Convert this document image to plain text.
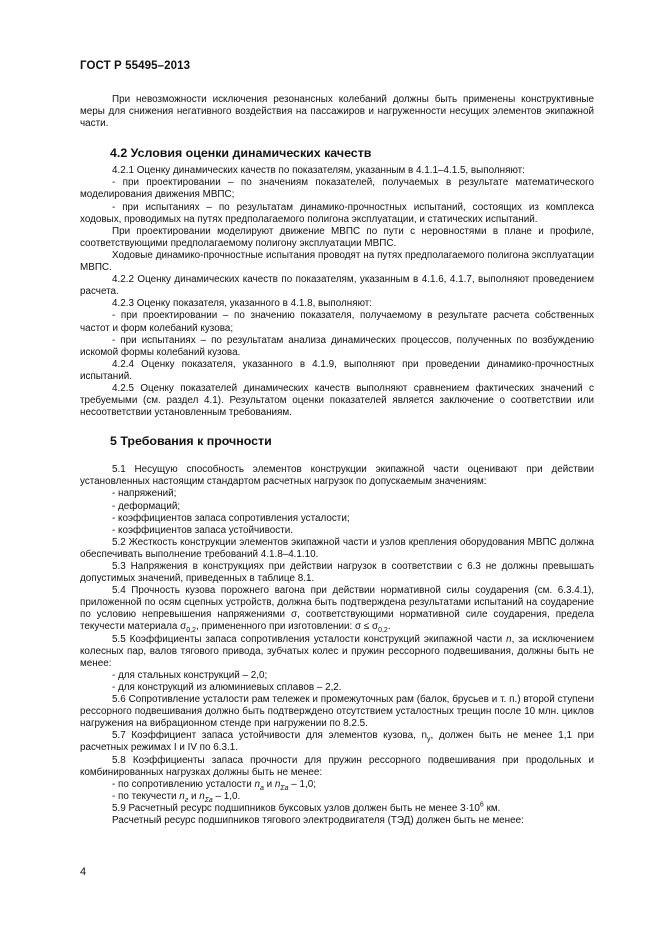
ГОСТ Р 55495–2013

При невозможности исключения резонансных колебаний должны быть применены конструктивные меры для снижения негативного воздействия на пассажиров и нагруженности несущих элементов экипажной части.

4.2 Условия оценки динамических качеств

4.2.1 Оценку динамических качеств по показателям, указанным в 4.1.1–4.1.5, выполняют:

- при проектировании – по значениям показателей, получаемых в результате математического моделирования движения МВПС;

- при испытаниях – по результатам динамико-прочностных испытаний, состоящих из комплекса ходовых, проводимых на путях предполагаемого полигона эксплуатации, и статических испытаний.

При проектировании моделируют движение МВПС по пути с неровностями в плане и профиле, соответствующими предполагаемому полигону эксплуатации МВПС.

Ходовые динамико-прочностные испытания проводят на путях предполагаемого полигона эксплуатации МВПС.

4.2.2 Оценку динамических качеств по показателям, указанным в 4.1.6, 4.1.7, выполняют проведением расчета.

4.2.3 Оценку показателя, указанного в 4.1.8, выполняют:

- при проектировании – по значению показателя, получаемому в результате расчета собственных частот и форм колебаний кузова;

- при испытаниях – по результатам анализа динамических процессов, полученных по возбуждению искомой формы колебаний кузова.

4.2.4 Оценку показателя, указанного в 4.1.9, выполняют при проведении динамико-прочностных испытаний.

4.2.5 Оценку показателей динамических качеств выполняют сравнением фактических значений с требуемыми (см. раздел 4.1). Результатом оценки показателей является заключение о соответствии или несоответствии установленным требованиям.

5 Требования к прочности

5.1 Несущую способность элементов конструкции экипажной части оценивают при действии установленных настоящим стандартом расчетных нагрузок по допускаемым значениям:

- напряжений;

- деформаций;

- коэффициентов запаса сопротивления усталости;

- коэффициентов запаса устойчивости.

5.2 Жесткость конструкции элементов экипажной части и узлов крепления оборудования МВПС должна обеспечивать выполнение требований 4.1.8–4.1.10.

5.3 Напряжения в конструкциях при действии нагрузок в соответствии с 6.3 не должны превышать допустимых значений, приведенных в таблице 8.1.

5.4 Прочность кузова порожнего вагона при действии нормативной силы соударения (см. 6.3.4.1), приложенной по осям сцепных устройств, должна быть подтверждена результатами испытаний на соударение по условию непревышения напряжениями σ, соответствующими нормативной силе соударения, предела текучести материала $\sigma_{0,2}$, примененного при изготовлении: $\sigma \le \sigma_{0,2}$.

5.5 Коэффициенты запаса сопротивления усталости конструкций экипажной части n, за исключением колесных пар, валов тягового привода, зубчатых колес и пружин рессорного подвешивания, должны быть не менее:

- для стальных конструкций – 2,0;

- для конструкций из алюминиевых сплавов – 2,2.

5.6 Сопротивление усталости рам тележек и промежуточных рам (балок, брусьев и т. п.) второй ступени рессорного подвешивания должно быть подтверждено отсутствием усталостных трещин после 10 млн. циклов нагружения на вибрационном стенде при нагружении по 8.2.5.

5.7 Коэффициент запаса устойчивости для элементов кузова, $n_y$, должен быть не менее 1,1 при расчетных режимах I и IV по 6.3.1.

5.8 Коэффициенты запаса прочности для пружин рессорного подвешивания при продольных и комбинированных нагрузках должны быть не менее:

- по сопротивлению усталости $n_a$ и $n_{\Sigma a} - 1,0$;

- по текучести $n_г$ и $n_{\Sigma a} - 1,0$.

5.9 Расчетный ресурс подшипников буксовых узлов должен быть не менее $3\cdot 10^6$ км.

Расчетный ресурс подшипников тягового электродвигателя (ТЭД) должен быть не менее:

4
